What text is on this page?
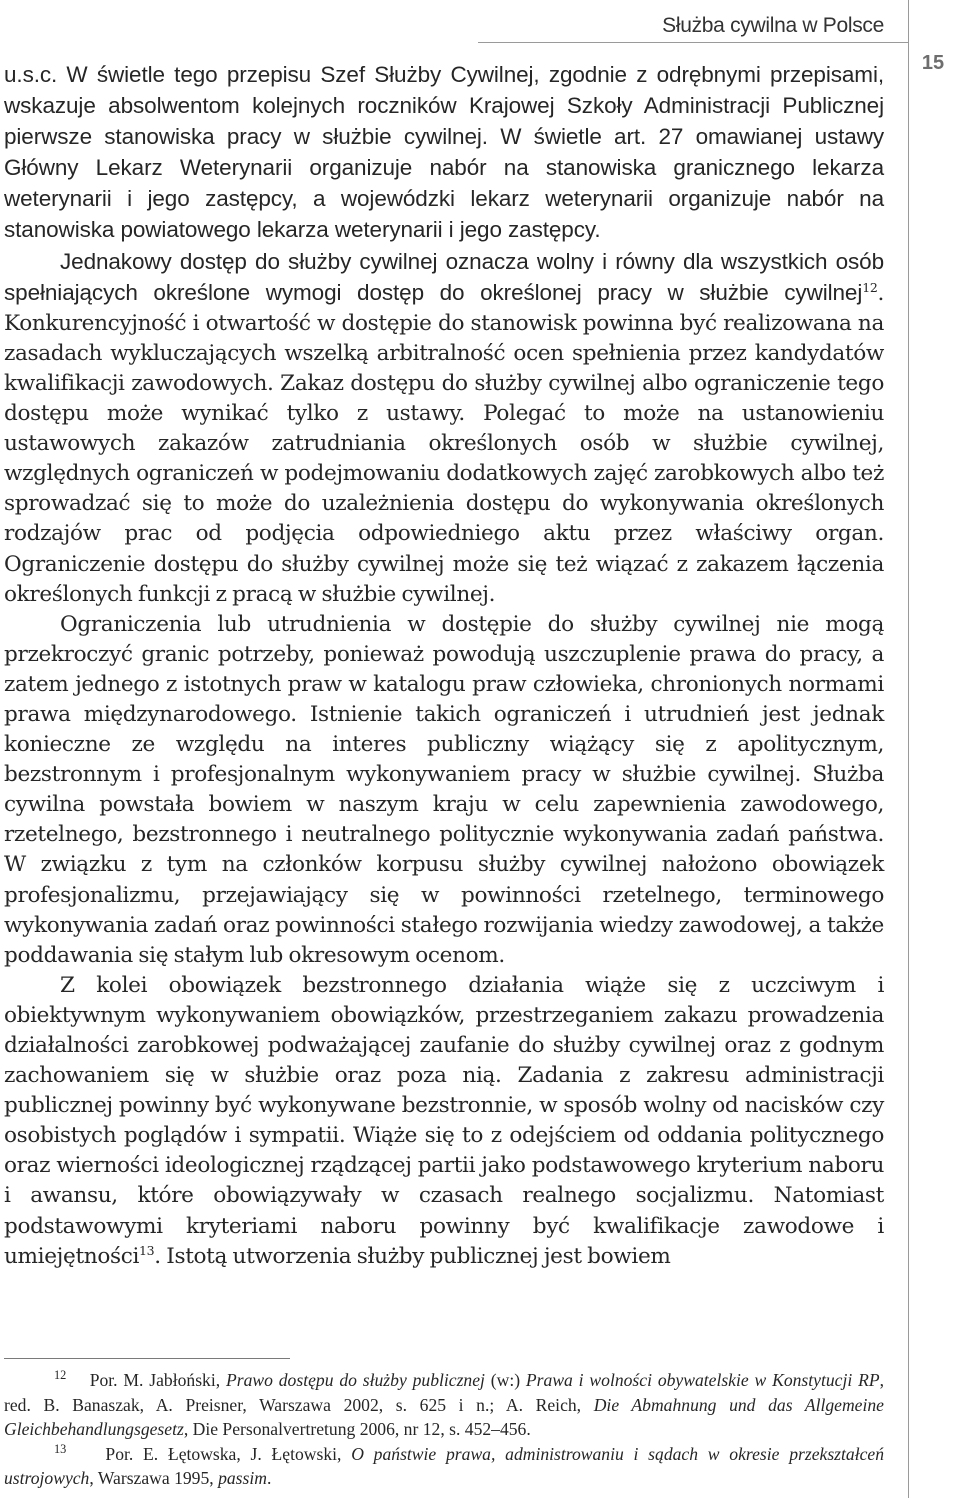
Służba cywilna w Polsce
15

u.s.c. W świetle tego przepisu Szef Służby Cywilnej, zgodnie z odrębnymi przepisami, wskazuje absolwentom kolejnych roczników Krajowej Szkoły Administracji Publicznej pierwsze stanowiska pracy w służbie cywilnej. W świetle art. 27 omawianej ustawy Główny Lekarz Weterynarii organizuje nabór na stanowiska granicznego lekarza weterynarii i jego zastępcy, a wojewódzki lekarz weterynarii organizuje nabór na stanowiska powiatowego lekarza weterynarii i jego zastępcy.

Jednakowy dostęp do służby cywilnej oznacza wolny i równy dla wszystkich osób spełniających określone wymogi dostęp do określonej pracy w służbie cywilnej$^{12}$. Konkurencyjność i otwartość w dostępie do stanowisk powinna być realizowana na zasadach wykluczających wszelką arbitralność ocen spełnienia przez kandydatów kwalifikacji zawodowych. Zakaz dostępu do służby cywilnej albo ograniczenie tego dostępu może wynikać tylko z ustawy. Polegać to może na ustanowieniu ustawowych zakazów zatrudniania określonych osób w służbie cywilnej, względnych ograniczeń w podejmowaniu dodatkowych zajęć zarobkowych albo też sprowadzać się to może do uzależnienia dostępu do wykonywania określonych rodzajów prac od podjęcia odpowiedniego aktu przez właściwy organ. Ograniczenie dostępu do służby cywilnej może się też wiązać z zakazem łączenia określonych funkcji z pracą w służbie cywilnej.

Ograniczenia lub utrudnienia w dostępie do służby cywilnej nie mogą przekroczyć granic potrzeby, ponieważ powodują uszczuplenie prawa do pracy, a zatem jednego z istotnych praw w katalogu praw człowieka, chronionych normami prawa międzynarodowego. Istnienie takich ograniczeń i utrudnień jest jednak konieczne ze względu na interes publiczny wiążący się z apolitycznym, bezstronnym i profesjonalnym wykonywaniem pracy w służbie cywilnej. Służba cywilna powstała bowiem w naszym kraju w celu zapewnienia zawodowego, rzetelnego, bezstronnego i neutralnego politycznie wykonywania zadań państwa. W związku z tym na członków korpusu służby cywilnej nałożono obowiązek profesjonalizmu, przejawiający się w powinności rzetelnego, terminowego wykonywania zadań oraz powinności stałego rozwijania wiedzy zawodowej, a także poddawania się stałym lub okresowym ocenom.

Z kolei obowiązek bezstronnego działania wiąże się z uczciwym i obiektywnym wykonywaniem obowiązków, przestrzeganiem zakazu prowadzenia działalności zarobkowej podważającej zaufanie do służby cywilnej oraz z godnym zachowaniem się w służbie oraz poza nią. Zadania z zakresu administracji publicznej powinny być wykonywane bezstronnie, w sposób wolny od nacisków czy osobistych poglądów i sympatii. Wiąże się to z odejściem od oddania politycznego oraz wierności ideologicznej rządzącej partii jako podstawowego kryterium naboru i awansu, które obowiązywały w czasach realnego socjalizmu. Natomiast podstawowymi kryteriami naboru powinny być kwalifikacje zawodowe i umiejętności$^{13}$. Istotą utworzenia służby publicznej jest bowiem

$^{12}$ Por. M. Jabłoński, Prawo dostępu do służby publicznej (w:) Prawa i wolności obywatelskie w Konstytucji RP, red. B. Banaszak, A. Preisner, Warszawa 2002, s. 625 i n.; A. Reich, Die Abmahnung und das Allgemeine Gleichbehandlungsgesetz, Die Personalvertretung 2006, nr 12, s. 452–456.

$^{13}$ Por. E. Łętowska, J. Łętowski, O państwie prawa, administrowaniu i sądach w okresie przekształceń ustrojowych, Warszawa 1995, passim.
